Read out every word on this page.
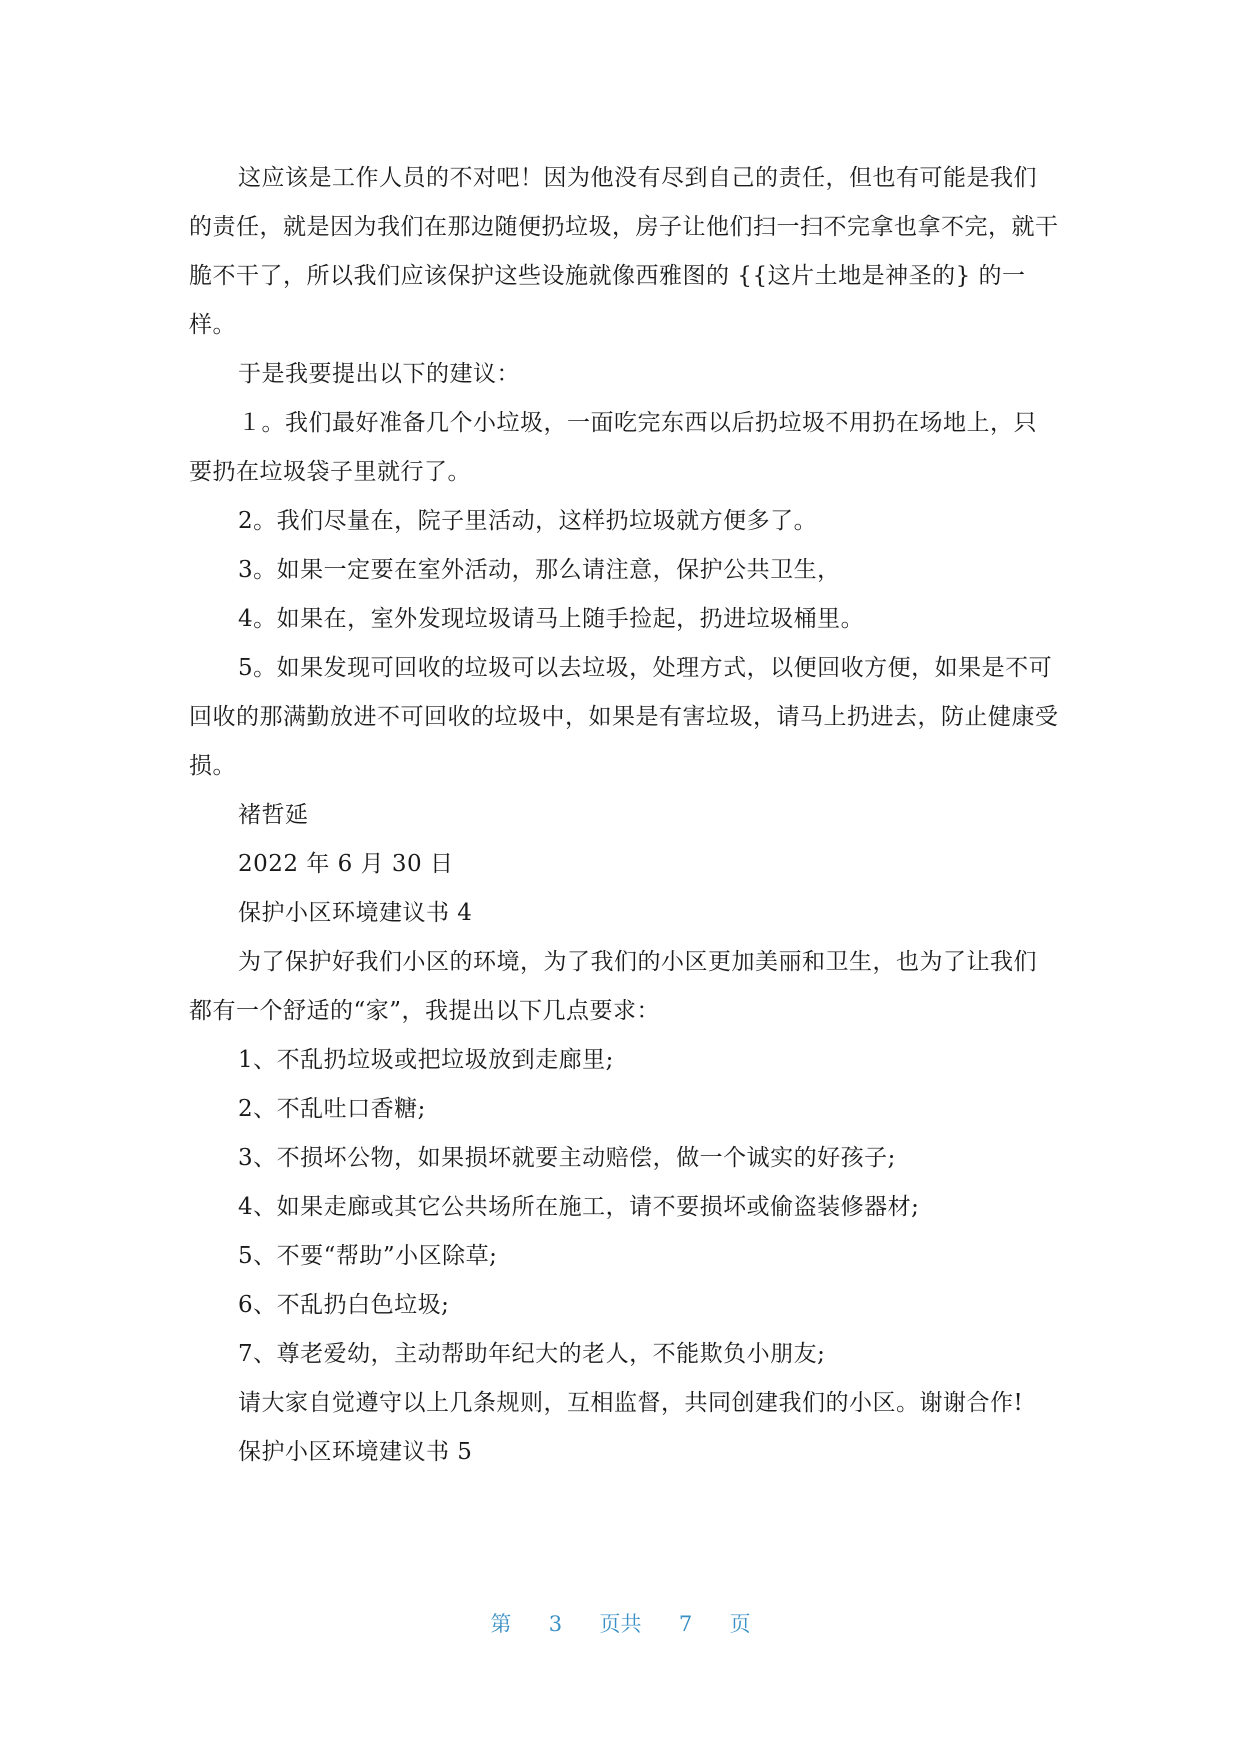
这应该是工作人员的不对吧！因为他没有尽到自己的责任，但也有可能是我们的责任，就是因为我们在那边随便扔垃圾，房子让他们扫一扫不完拿也拿不完，就干脆不干了，所以我们应该保护这些设施就像西雅图的 {{这片土地是神圣的} 的一样。

于是我要提出以下的建议：

１。我们最好准备几个小垃圾，一面吃完东西以后扔垃圾不用扔在场地上，只要扔在垃圾袋子里就行了。

2。我们尽量在，院子里活动，这样扔垃圾就方便多了。

3。如果一定要在室外活动，那么请注意，保护公共卫生，

4。如果在，室外发现垃圾请马上随手捡起，扔进垃圾桶里。

5。如果发现可回收的垃圾可以去垃圾，处理方式，以便回收方便，如果是不可回收的那满勤放进不可回收的垃圾中，如果是有害垃圾，请马上扔进去，防止健康受损。

褚哲延

2022 年 6 月 30 日

保护小区环境建议书 4

为了保护好我们小区的环境，为了我们的小区更加美丽和卫生，也为了让我们都有一个舒适的“家”，我提出以下几点要求：

1、不乱扔垃圾或把垃圾放到走廊里;

2、不乱吐口香糖;

3、不损坏公物，如果损坏就要主动赔偿，做一个诚实的好孩子;

4、如果走廊或其它公共场所在施工，请不要损坏或偷盗装修器材;

5、不要“帮助”小区除草;

6、不乱扔白色垃圾;

7、尊老爱幼，主动帮助年纪大的老人，不能欺负小朋友;

请大家自觉遵守以上几条规则，互相监督，共同创建我们的小区。谢谢合作!

保护小区环境建议书 5

第 3 页共 7 页
